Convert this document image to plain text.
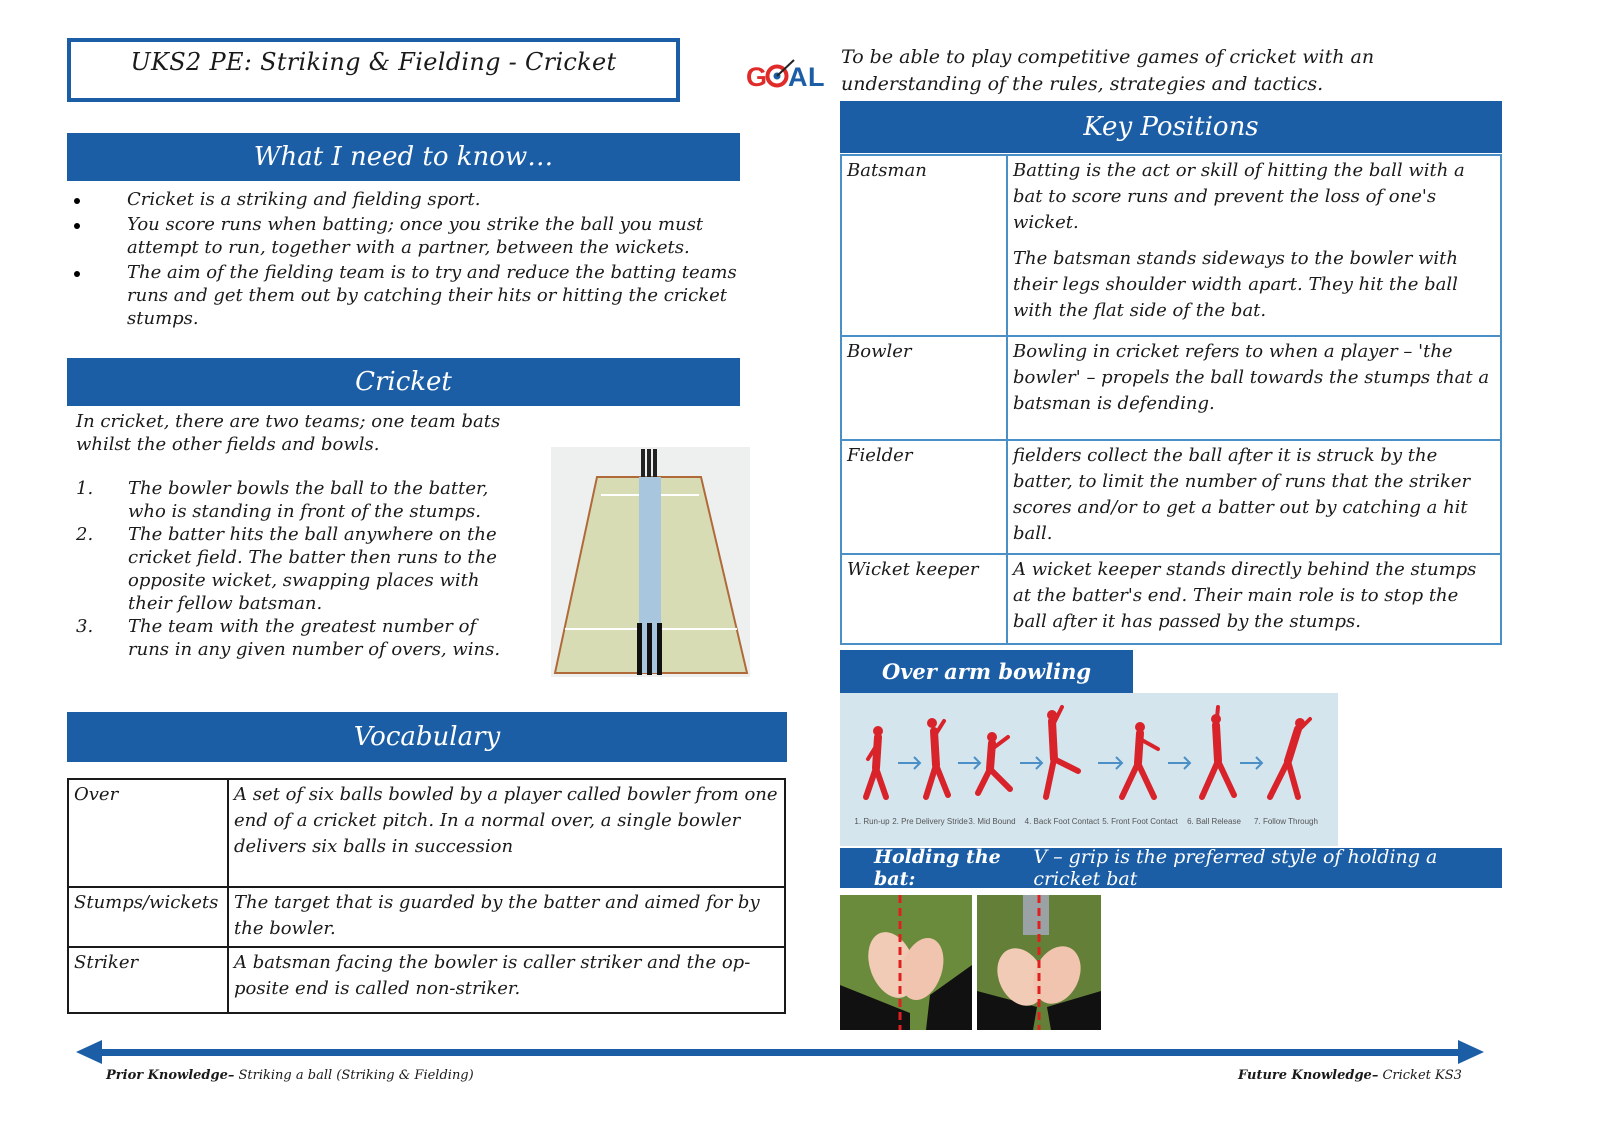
UKS2 PE: Striking & Fielding - Cricket	G A L
To be able to play competitive games of cricket with an understanding of the rules, strategies and tactics.
What I need to know…
Cricket is a striking and fielding sport.
You score runs when batting; once you strike the ball you must attempt to run, together with a partner, between the wickets.
The aim of the fielding team is to try and reduce the batting teams runs and get them out by catching their hits or hitting the cricket stumps.
Cricket
In cricket, there are two teams; one team bats whilst the other fields and bowls.
1. The bowler bowls the ball to the batter, who is standing in front of the stumps.
2. The batter hits the ball anywhere on the cricket field. The batter then runs to the opposite wicket, swapping places with their fellow batsman.
3. The team with the greatest number of runs in any given number of overs, wins.
Vocabulary
Over	A set of six balls bowled by a player called bowler from one end of a cricket pitch. In a normal over, a single bowler delivers six balls in succession
Stumps/wickets	The target that is guarded by the batter and aimed for by the bowler.
Striker	A batsman facing the bowler is caller striker and the op-posite end is called non-striker.
Key Positions
Batsman	Batting is the act or skill of hitting the ball with a bat to score runs and prevent the loss of one's wicket.

The batsman stands sideways to the bowler with their legs shoulder width apart. They hit the ball with the flat side of the bat.

Bowler	Bowling in cricket refers to when a player – 'the bowler' – propels the ball towards the stumps that a batsman is defending.

Fielder	fielders collect the ball after it is struck by the batter, to limit the number of runs that the striker scores and/or to get a batter out by catching a hit ball.

Wicket keeper	A wicket keeper stands directly behind the stumps at the batter's end. Their main role is to stop the ball after it has passed by the stumps.

Over arm bowling
1. Run-up 2. Pre Delivery Stride 3. Mid Bound 4. Back Foot Contact 5. Front Foot Contact 6. Ball Release 7. Follow Through
Holding the bat:
V – grip is the preferred style of holding a cricket bat
Prior Knowledge– Striking a ball (Striking & Fielding)	Future Knowledge– Cricket KS3
